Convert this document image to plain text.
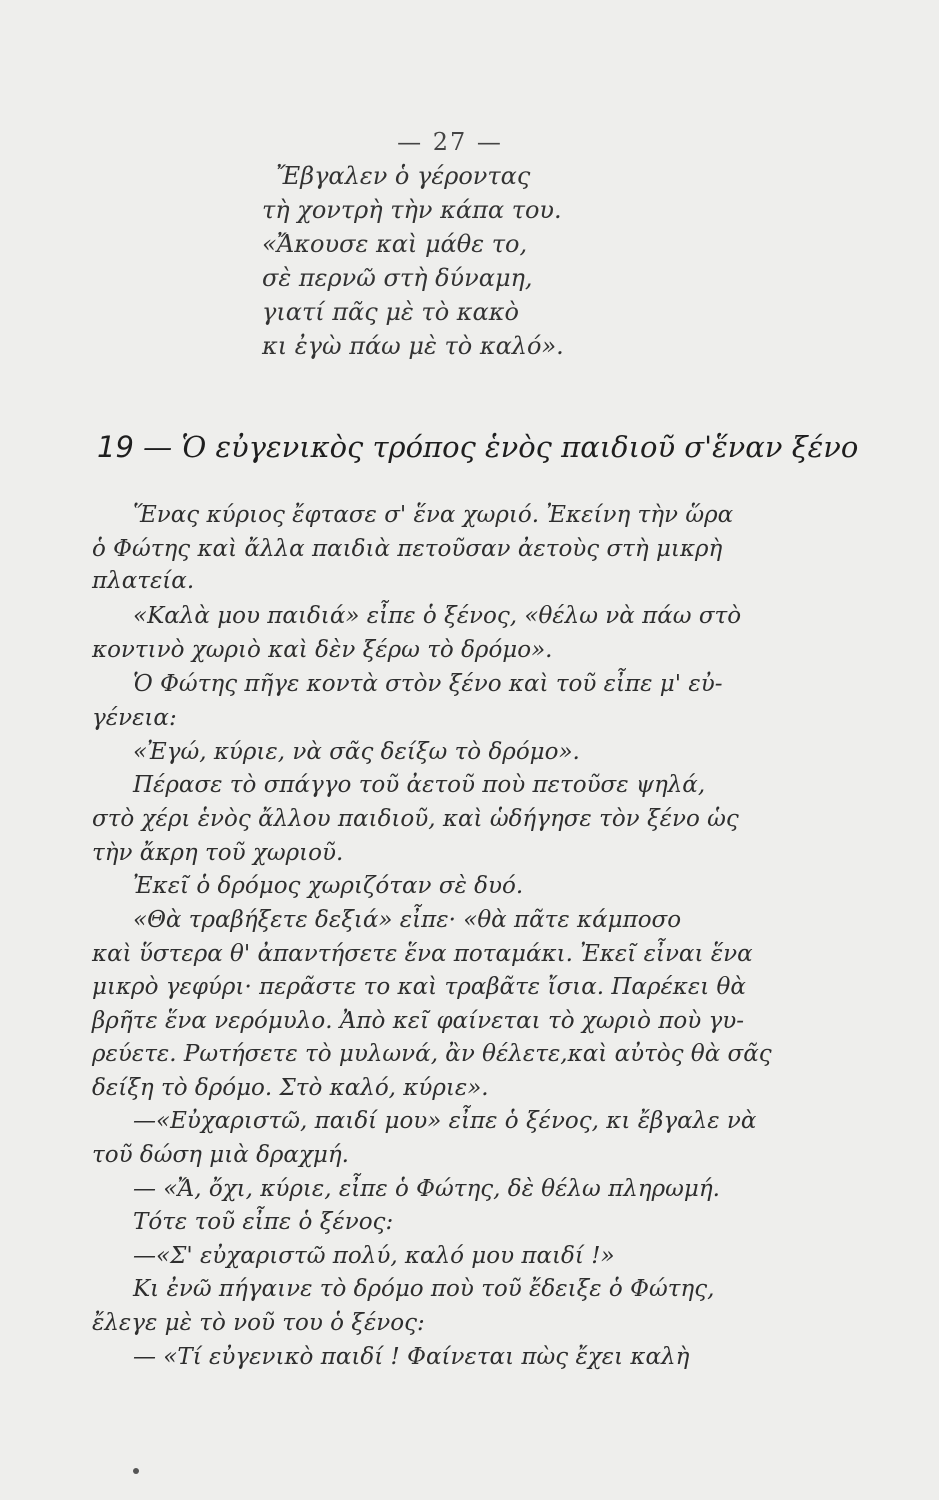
— 27 —
Ἔβγαλεν ὁ γέροντας
τὴ χοντρὴ τὴν κάπα του.
«Ἄκουσε καὶ μάθε το,
σὲ περνῶ στὴ δύναμη,
γιατί πᾶς μὲ τὸ κακὸ
κι ἐγὼ πάω μὲ τὸ καλό».
19 — Ὁ εὐγενικὸς τρόπος ἑνὸς παιδιοῦ σ'ἕναν ξένο
Ἕνας κύριος ἔφτασε σ' ἕνα χωριό. Ἐκείνη τὴν ὥρα
ὁ Φώτης καὶ ἄλλα παιδιὰ πετοῦσαν ἀετοὺς στὴ μικρὴ
πλατεία.
«Καλὰ μου παιδιά» εἶπε ὁ ξένος, «θέλω νὰ πάω στὸ
κοντινὸ χωριὸ καὶ δὲν ξέρω τὸ δρόμο».
Ὁ Φώτης πῆγε κοντὰ στὸν ξένο καὶ τοῦ εἶπε μ' εὐ-
γένεια:
«Ἐγώ, κύριε, νὰ σᾶς δείξω τὸ δρόμο».
Πέρασε τὸ σπάγγο τοῦ ἀετοῦ ποὺ πετοῦσε ψηλά,
στὸ χέρι ἑνὸς ἄλλου παιδιοῦ, καὶ ὡδήγησε τὸν ξένο ὡς
τὴν ἄκρη τοῦ χωριοῦ.
Ἐκεῖ ὁ δρόμος χωριζόταν σὲ δυό.
«Θὰ τραβήξετε δεξιά» εἶπε· «θὰ πᾶτε κάμποσο
καὶ ὕστερα θ' ἀπαντήσετε ἕνα ποταμάκι. Ἐκεῖ εἶναι ἕνα
μικρὸ γεφύρι· περᾶστε το καὶ τραβᾶτε ἴσια. Παρέκει θὰ
βρῆτε ἕνα νερόμυλο. Ἀπὸ κεῖ φαίνεται τὸ χωριὸ ποὺ γυ-
ρεύετε. Ρωτήσετε τὸ μυλωνά, ἂν θέλετε,καὶ αὐτὸς θὰ σᾶς
δείξη τὸ δρόμο. Στὸ καλό, κύριε».
—«Εὐχαριστῶ, παιδί μου» εἶπε ὁ ξένος, κι ἔβγαλε νὰ
τοῦ δώση μιὰ δραχμή.
— «Ἄ, ὄχι, κύριε, εἶπε ὁ Φώτης, δὲ θέλω πληρωμή.
Τότε τοῦ εἶπε ὁ ξένος:
—«Σ' εὐχαριστῶ πολύ, καλό μου παιδί !»
Κι ἐνῶ πήγαινε τὸ δρόμο ποὺ τοῦ ἔδειξε ὁ Φώτης,
ἔλεγε μὲ τὸ νοῦ του ὁ ξένος:
— «Τί εὐγενικὸ παιδί ! Φαίνεται πὼς ἔχει καλὴ
